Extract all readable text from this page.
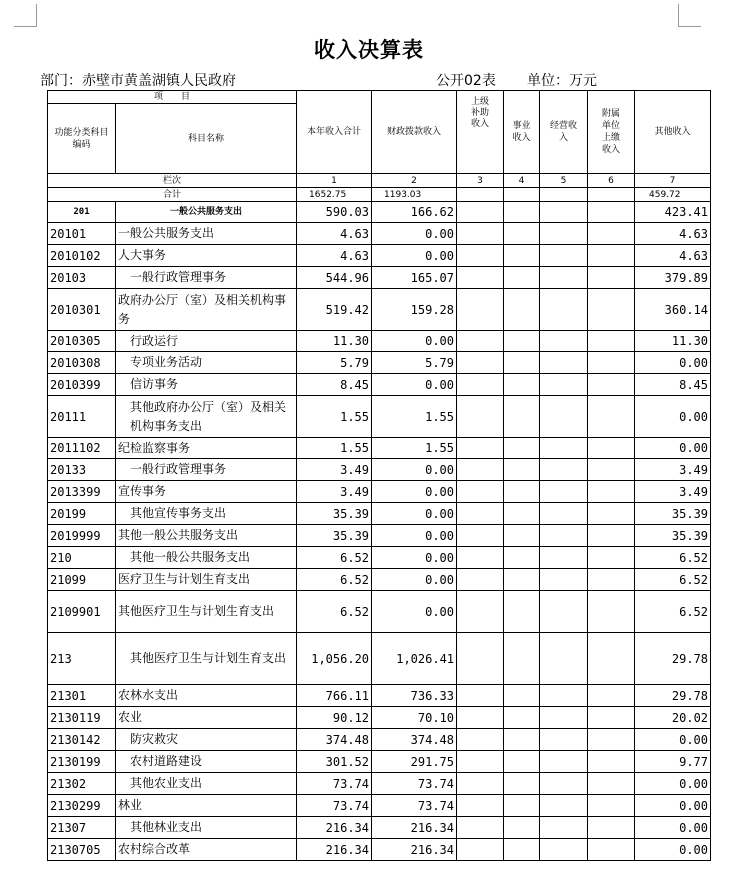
收入决算表
部门：赤壁市黄盖湖镇人民政府	公开02表 单位：万元
项　　目		本年收入合计	财政拨款收入	上级补助收入	事业收入	经营收入	附属单位上缴收入	其他收入
功能分类科目编码	科目名称							
栏次		1	2	3	4	5	6	7
合计		1652.75	1193.03					459.72
201	一般公共服务支出	590.03	166.62					423.41
20101	一般公共服务支出	4.63	0.00					4.63
2010102	人大事务	4.63	0.00					4.63
20103	一般行政管理事务	544.96	165.07					379.89
2010301	政府办公厅（室）及相关机构事务	519.42	159.28					360.14
2010305	行政运行	11.30	0.00					11.30
2010308	专项业务活动	5.79	5.79					0.00
2010399	信访事务	8.45	0.00					8.45
20111	其他政府办公厅（室）及相关机构事务支出	1.55	1.55					0.00
2011102	纪检监察事务	1.55	1.55					0.00
20133	一般行政管理事务	3.49	0.00					3.49
2013399	宣传事务	3.49	0.00					3.49
20199	其他宣传事务支出	35.39	0.00					35.39
2019999	其他一般公共服务支出	35.39	0.00					35.39
210	其他一般公共服务支出	6.52	0.00					6.52
21099	医疗卫生与计划生育支出	6.52	0.00					6.52
2109901	其他医疗卫生与计划生育支出	6.52	0.00					6.52
213	其他医疗卫生与计划生育支出	1,056.20	1,026.41					29.78
21301	农林水支出	766.11	736.33					29.78
2130119	农业	90.12	70.10					20.02
2130142	防灾救灾	374.48	374.48					0.00
2130199	农村道路建设	301.52	291.75					9.77
21302	其他农业支出	73.74	73.74					0.00
2130299	林业	73.74	73.74					0.00
21307	其他林业支出	216.34	216.34					0.00
2130705	农村综合改革	216.34	216.34					0.00
